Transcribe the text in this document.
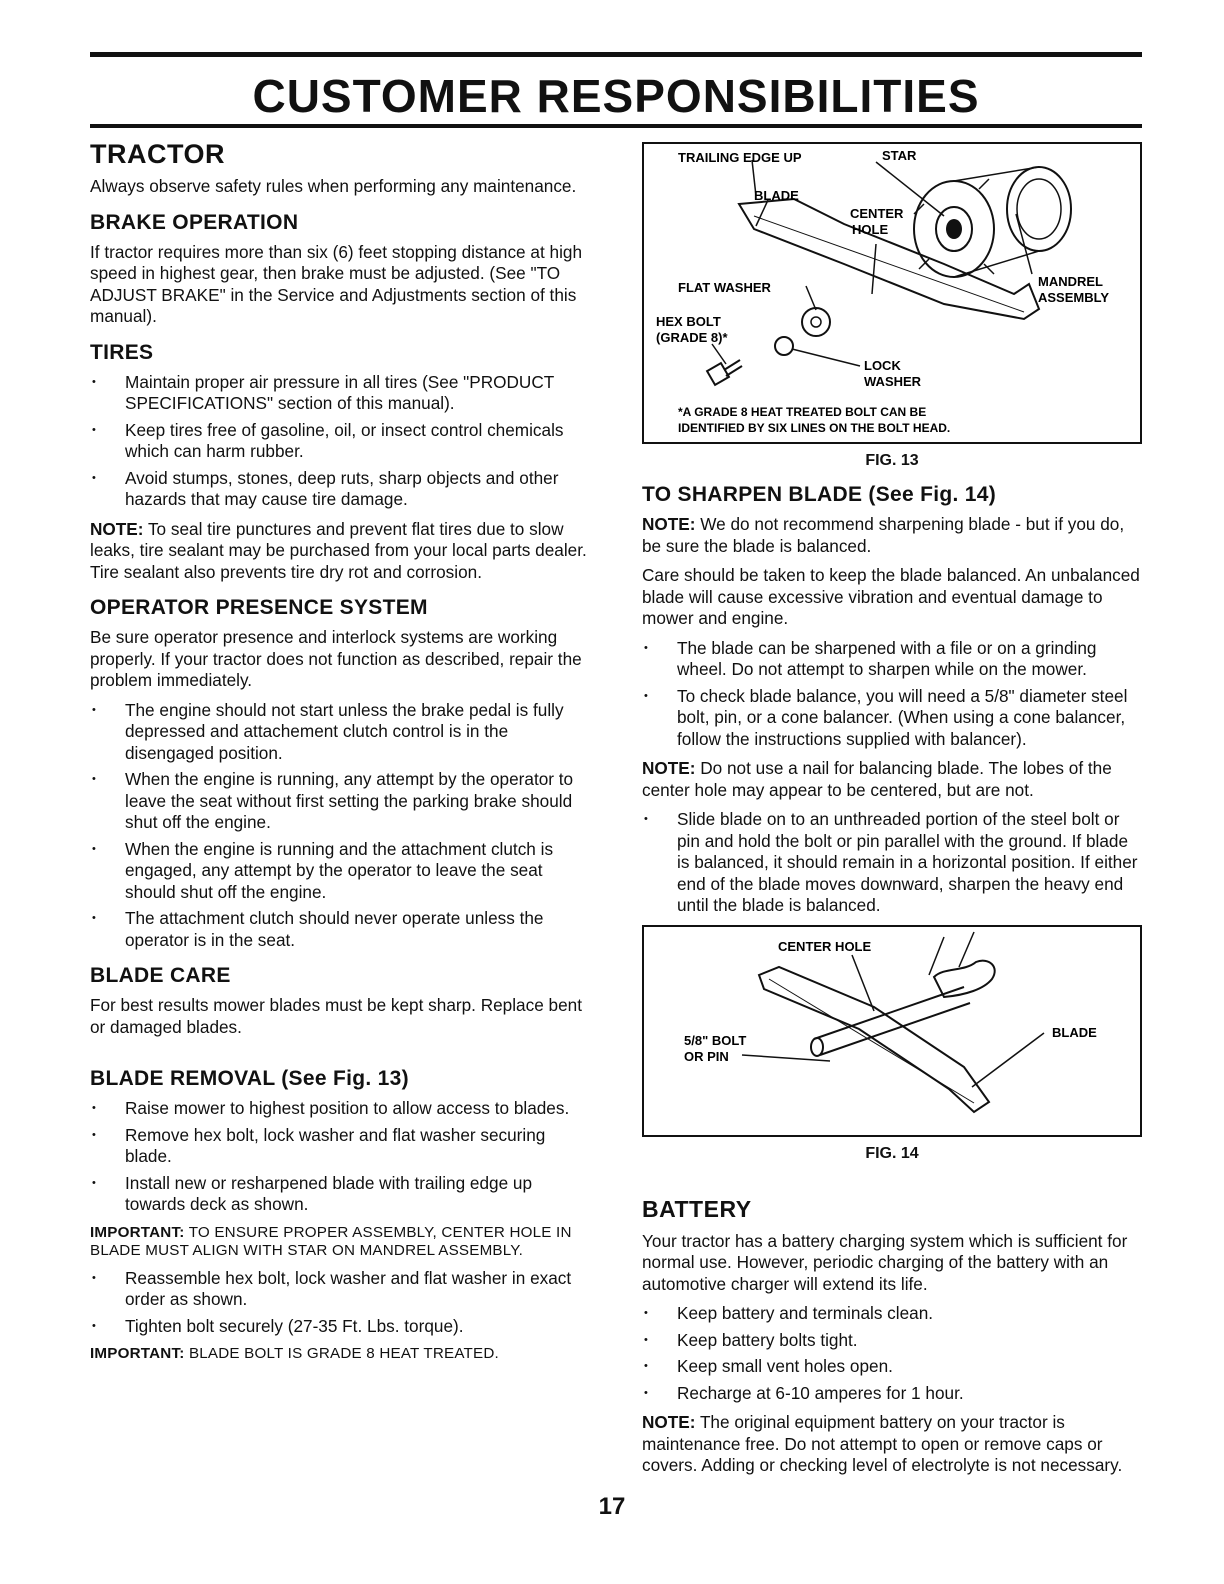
CUSTOMER RESPONSIBILITIES
TRACTOR

Always observe safety rules when performing any maintenance.

BRAKE OPERATION

If tractor requires more than six (6) feet stopping distance at high speed in highest gear, then brake must be adjusted. (See "TO ADJUST BRAKE" in the Service and Adjustments section of this manual).

TIRES
• Maintain proper air pressure in all tires (See "PRODUCT SPECIFICATIONS" section of this manual).
• Keep tires free of gasoline, oil, or insect control chemicals which can harm rubber.
• Avoid stumps, stones, deep ruts, sharp objects and other hazards that may cause tire damage.

NOTE: To seal tire punctures and prevent flat tires due to slow leaks, tire sealant may be purchased from your local parts dealer. Tire sealant also prevents tire dry rot and corrosion.

OPERATOR PRESENCE SYSTEM

Be sure operator presence and interlock systems are working properly. If your tractor does not function as described, repair the problem immediately.

• The engine should not start unless the brake pedal is fully depressed and attachement clutch control is in the disengaged position.
• When the engine is running, any attempt by the operator to leave the seat without first setting the parking brake should shut off the engine.
• When the engine is running and the attachment clutch is engaged, any attempt by the operator to leave the seat should shut off the engine.
• The attachment clutch should never operate unless the operator is in the seat.
BLADE CARE

For best results mower blades must be kept sharp. Replace bent or damaged blades.

BLADE REMOVAL (See Fig. 13)
• Raise mower to highest position to allow access to blades.
• Remove hex bolt, lock washer and flat washer securing blade.
• Install new or resharpened blade with trailing edge up towards deck as shown.

IMPORTANT: TO ENSURE PROPER ASSEMBLY, CENTER HOLE IN BLADE MUST ALIGN WITH STAR ON MANDREL ASSEMBLY.

• Reassemble hex bolt, lock washer and flat washer in exact order as shown.
• Tighten bolt securely (27-35 Ft. Lbs. torque).

IMPORTANT: BLADE BOLT IS GRADE 8 HEAT TREATED.

TRAILING EDGE UP	STAR
BLADE
CENTER
HOLE
FLAT WASHER	MANDREL
ASSEMBLY
HEX BOLT
(GRADE 8)*
LOCK
WASHER
*A GRADE 8 HEAT TREATED BOLT CAN BE
IDENTIFIED BY SIX LINES ON THE BOLT HEAD.
FIG. 13
TO SHARPEN BLADE (See Fig. 14)

NOTE: We do not recommend sharpening blade - but if you do, be sure the blade is balanced.

Care should be taken to keep the blade balanced. An unbalanced blade will cause excessive vibration and eventual damage to mower and engine.

• The blade can be sharpened with a file or on a grinding wheel. Do not attempt to sharpen while on the mower.
• To check blade balance, you will need a 5/8" diameter steel bolt, pin, or a cone balancer. (When using a cone balancer, follow the instructions supplied with balancer).

NOTE: Do not use a nail for balancing blade. The lobes of the center hole may appear to be centered, but are not.

• Slide blade on to an unthreaded portion of the steel bolt or pin and hold the bolt or pin parallel with the ground. If blade is balanced, it should remain in a horizontal position. If either end of the blade moves downward, sharpen the heavy end until the blade is balanced.
CENTER HOLE
5/8" BOLT
OR PIN
BLADE
FIG. 14
BATTERY

Your tractor has a battery charging system which is sufficient for normal use. However, periodic charging of the battery with an automotive charger will extend its life.

• Keep battery and terminals clean.
• Keep battery bolts tight.
• Keep small vent holes open.
• Recharge at 6-10 amperes for 1 hour.

NOTE: The original equipment battery on your tractor is maintenance free. Do not attempt to open or remove caps or covers. Adding or checking level of electrolyte is not necessary.

17
